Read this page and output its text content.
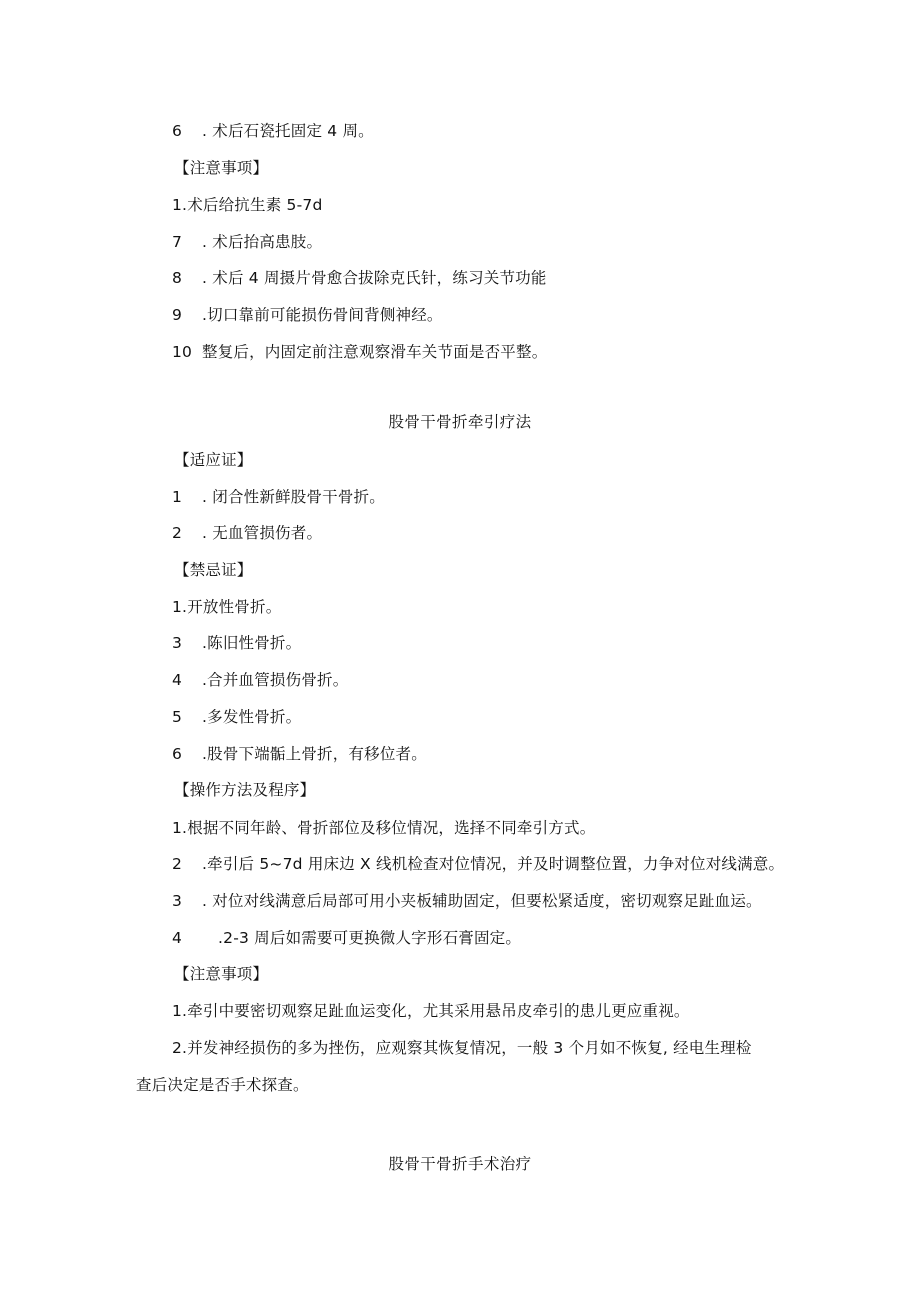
6 . 术后石瓷托固定 4 周。
【注意事项】
1.术后给抗生素 5-7d
7 . 术后抬高患肢。
8 . 术后 4 周摄片骨愈合拔除克氏针，练习关节功能
9 .切口靠前可能损伤骨间背侧神经。
10 整复后，内固定前注意观察滑车关节面是否平整。
股骨干骨折牵引疗法
【适应证】
1 . 闭合性新鲜股骨干骨折。
2 . 无血管损伤者。
【禁忌证】
1.开放性骨折。
3 .陈旧性骨折。
4 .合并血管损伤骨折。
5 .多发性骨折。
6 .股骨下端骺上骨折，有移位者。
【操作方法及程序】
1.根据不同年龄、骨折部位及移位情况，选择不同牵引方式。
2 .牵引后 5~7d 用床边 X 线机检查对位情况，并及时调整位置，力争对位对线满意。
3 . 对位对线满意后局部可用小夹板辅助固定，但要松紧适度，密切观察足趾血运。
4 .2-3 周后如需要可更换微人字形石膏固定。
【注意事项】
1.牵引中要密切观察足趾血运变化，尤其采用悬吊皮牵引的患儿更应重视。
2.并发神经损伤的多为挫伤，应观察其恢复情况，一般 3 个月如不恢复, 经电生理检
查后决定是否手术探查。
股骨干骨折手术治疗
